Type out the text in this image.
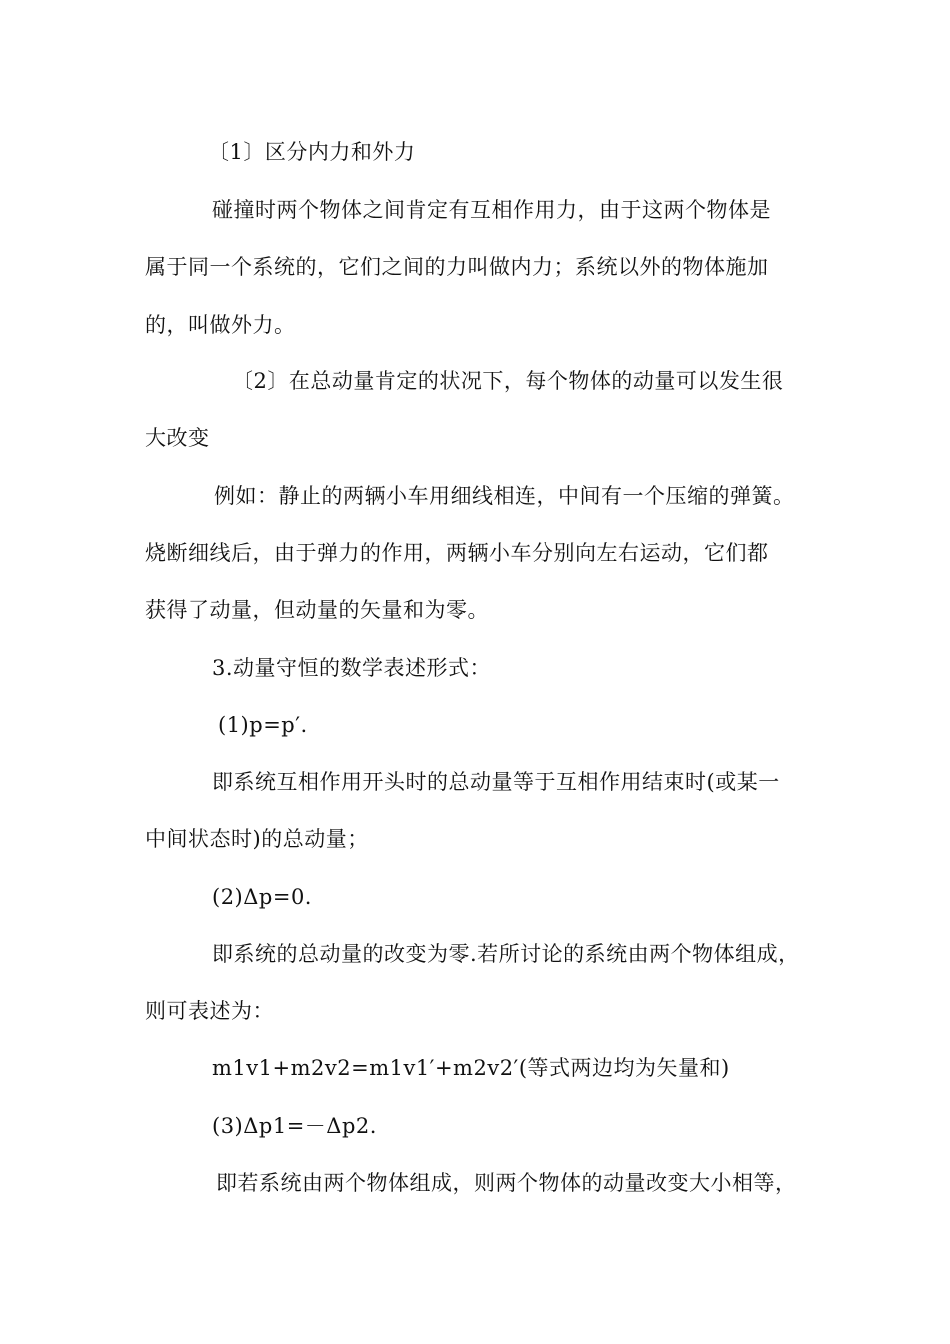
〔1〕区分内力和外力
碰撞时两个物体之间肯定有互相作用力，由于这两个物体是
属于同一个系统的，它们之间的力叫做内力；系统以外的物体施加
的，叫做外力。
〔2〕在总动量肯定的状况下，每个物体的动量可以发生很
大改变
例如：静止的两辆小车用细线相连，中间有一个压缩的弹簧。
烧断细线后，由于弹力的作用，两辆小车分别向左右运动，它们都
获得了动量，但动量的矢量和为零。
3.动量守恒的数学表述形式：
(1)p=p′.
即系统互相作用开头时的总动量等于互相作用结束时(或某一
中间状态时)的总动量；
(2)Δp=0.
即系统的总动量的改变为零.若所讨论的系统由两个物体组成，
则可表述为：
m1v1+m2v2=m1v1′+m2v2′(等式两边均为矢量和)
(3)Δp1=－Δp2.
即若系统由两个物体组成，则两个物体的动量改变大小相等，
